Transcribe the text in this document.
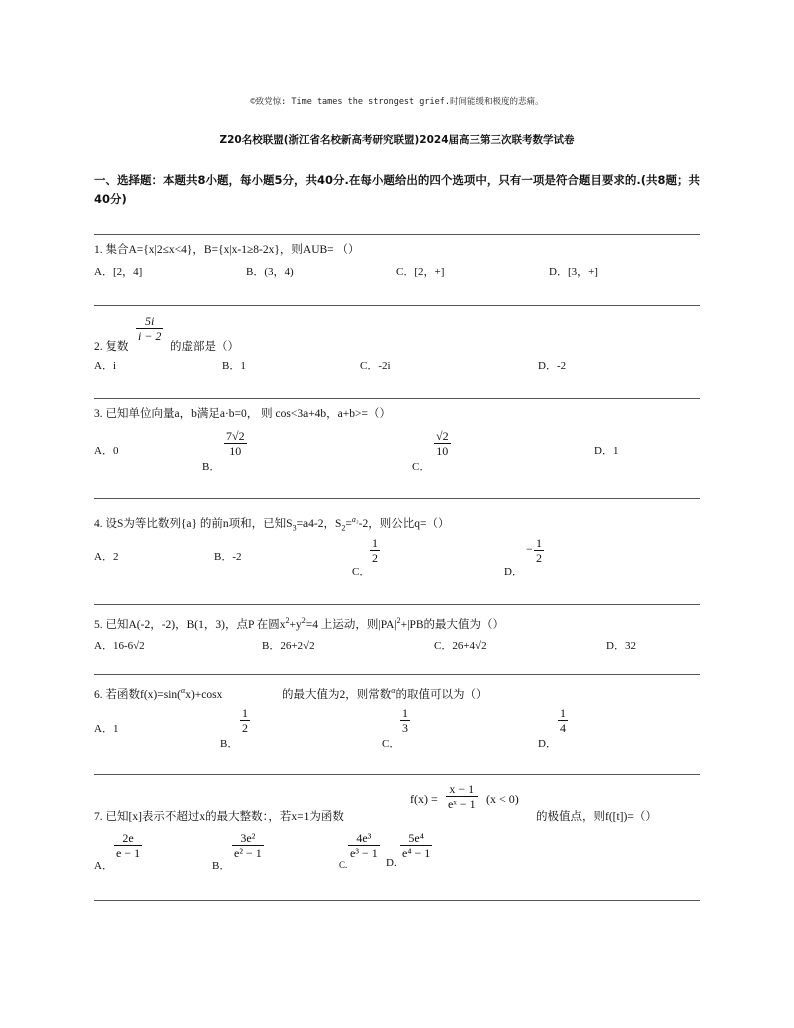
©致党惊: Time tames the strongest grief.时间能缓和极度的悲痛。
Z20名校联盟(浙江省名校新高考研究联盟)2024届高三第三次联考数学试卷
一、选择题：本题共8小题，每小题5分，共40分.在每小题给出的四个选项中，只有一项是符合题目要求的.(共8题；共40分)
1. 集合A={x|2≤x<4}，B={x|x-1≥8-2x}，则AUB= （）
A．[2，4]	B．(3，4)	C．[2，+]	D．[3，+]
2. 复数
5i
i − 2
的虚部是（）
A．i	B．1	C．-2i	D．-2
3. 已知单位向量a，b满足a·b=0， 则 cos<3a+4b，a+b>=（）
A．0
B．
7√2
10
C．
√2
10	D．1
4. 设S为等比数列{a} 的前n项和，已知$S_3=a4-2$，$S_2=^{a_3}-2$，则公比q=（）
A．2	B．-2
C．
1
2
D．
− 1
2
5. 已知A(-2，-2)，B(1，3)，点P 在圆$x^2+y^2=4$ 上运动，则$|PA|^2+|PB$的最大值为（）
A．16-6√2	B．26+2√2	C．26+4√2	D．32
6. 若函数f(x)=sin($^\alpha$x)+cosx	的最大值为2，则常数$^\alpha$的取值可以为（）
A．1
B．
1
2
C．
1
3
D．
1
4
7. 已知[x]表示不超过x的最大整数：，若x=1为函数
f(x) =
x − 1
eˣ − 1 (x < 0)
的极值点，则f([t])=（）
A．
2e
e − 1
B．
3e²
e² − 1
C.
4e³
e³ − 1
D.
5e⁴
e⁴ − 1
